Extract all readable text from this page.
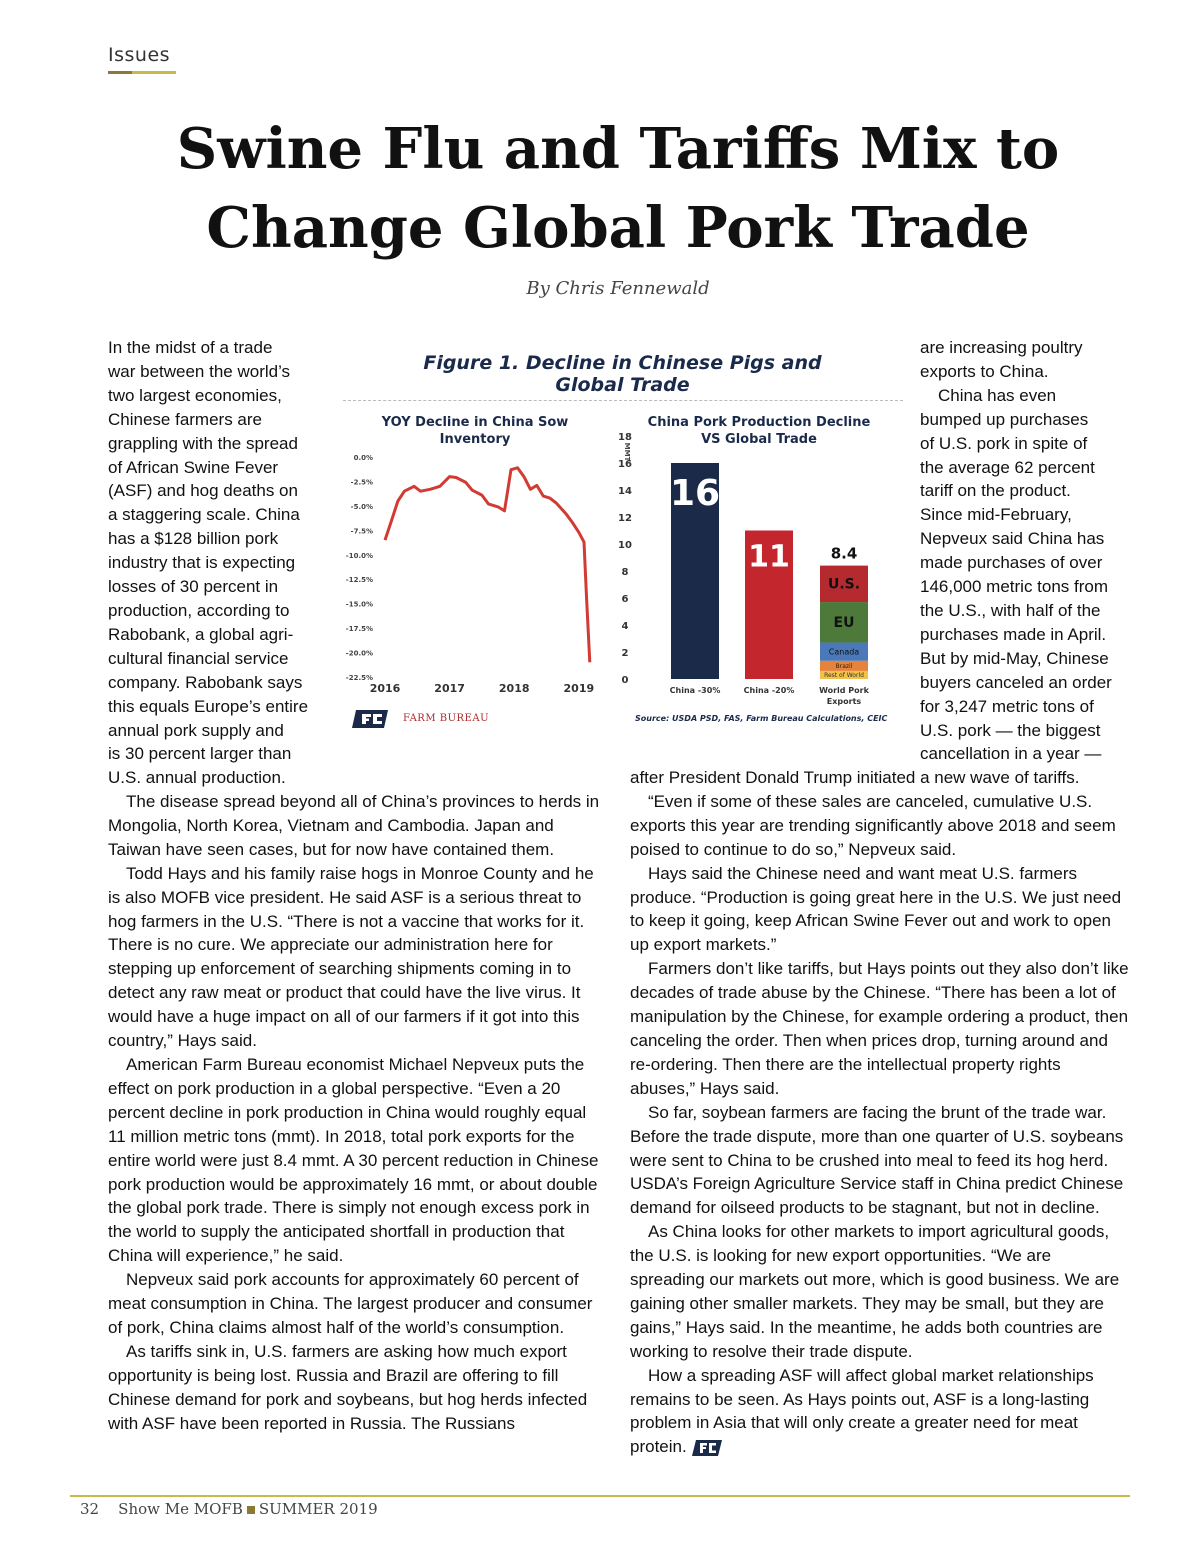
Issues
Swine Flu and Tariffs Mix to Change Global Pork Trade
By Chris Fennewald
In the midst of a trade
war between the world’s
two largest economies,
Chinese farmers are
grappling with the spread
of African Swine Fever
(ASF) and hog deaths on
a staggering scale. China
has a $128 billion pork
industry that is expecting
losses of 30 percent in
production, according to
Rabobank, a global agri-
cultural financial service
company. Rabobank says
this equals Europe’s entire
annual pork supply and
is 30 percent larger than
U.S. annual production.
are increasing poultry
exports to China.
China has even
bumped up purchases
of U.S. pork in spite of
the average 62 percent
tariff on the product.
Since mid-February,
Nepveux said China has
made purchases of over
146,000 metric tons from
the U.S., with half of the
purchases made in April.
But by mid-May, Chinese
buyers canceled an order
for 3,247 metric tons of
U.S. pork — the biggest
cancellation in a year —

The disease spread beyond all of China’s provinces to herds in Mongolia, North Korea, Vietnam and Cambodia. Japan and Taiwan have seen cases, but for now have contained them.

Todd Hays and his family raise hogs in Monroe County and he is also MOFB vice president. He said ASF is a serious threat to hog farmers in the U.S. “There is not a vaccine that works for it. There is no cure. We appreciate our administration here for stepping up enforcement of searching shipments coming in to detect any raw meat or product that could have the live virus. It would have a huge impact on all of our farmers if it got into this country,” Hays said.

American Farm Bureau economist Michael Nepveux puts the effect on pork production in a global perspective. “Even a 20 percent decline in pork production in China would roughly equal 11 million metric tons (mmt). In 2018, total pork exports for the entire world were just 8.4 mmt. A 30 percent reduction in Chinese pork production would be approximately 16 mmt, or about double the global pork trade. There is simply not enough excess pork in the world to supply the anticipated shortfall in production that China will experience,” he said.

Nepveux said pork accounts for approximately 60 percent of meat consumption in China. The largest producer and consumer of pork, China claims almost half of the world’s consumption.

As tariffs sink in, U.S. farmers are asking how much export opportunity is being lost. Russia and Brazil are offering to fill Chinese demand for pork and soybeans, but hog herds infected with ASF have been reported in Russia. The Russians

after President Donald Trump initiated a new wave of tariffs.

“Even if some of these sales are canceled, cumulative U.S. exports this year are trending significantly above 2018 and seem poised to continue to do so,” Nepveux said.

Hays said the Chinese need and want meat U.S. farmers produce. “Production is going great here in the U.S. We just need to keep it going, keep African Swine Fever out and work to open up export markets.”

Farmers don’t like tariffs, but Hays points out they also don’t like decades of trade abuse by the Chinese. “There has been a lot of manipulation by the Chinese, for example ordering a product, then canceling the order. Then when prices drop, turning around and re-ordering. Then there are the intellectual property rights abuses,” Hays said.

So far, soybean farmers are facing the brunt of the trade war. Before the trade dispute, more than one quarter of U.S. soybeans were sent to China to be crushed into meal to feed its hog herd. USDA’s Foreign Agriculture Service staff in China predict Chinese demand for oilseed products to be stagnant, but not in decline.

As China looks for other markets to import agricultural goods, the U.S. is looking for new export opportunities. “We are spreading our markets out more, which is good business. We are gaining other smaller markets. They may be small, but they are gains,” Hays said. In the meantime, he adds both countries are working to resolve their trade dispute.

How a spreading ASF will affect global market relationships remains to be seen. As Hays points out, ASF is a long-lasting problem in Asia that will only create a greater need for meat protein.

Figure 1. Decline in Chinese Pigs and
Global Trade
YOY Decline in China Sow
Inventory
0.0%
-2.5%
-5.0%
-7.5%
-10.0%
-12.5%
-15.0%
-17.5%
-20.0%
-22.5%
2016	2017	2018	2019
China Pork Production Decline
VS Global Trade
MMT
0
2
4
6
8
10
12
14
16
18
16
China -30%
11
China -20%
Rest of World
Brazil
Canada
EU
U.S.
8.4
World Pork
Exports
FARM BUREAU	Source: USDA PSD, FAS, Farm Bureau Calculations, CEIC
32 Show Me MOFB SUMMER 2019
